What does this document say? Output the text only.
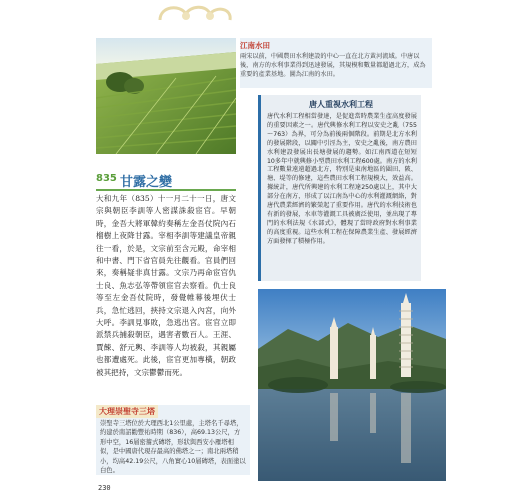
江南水田
兩宋以前，中國農田水利建設的中心一直在北方黃河流域。中唐以後，南方的水利事業得到迅速發展，其規模和數量都超過北方，成為重要的產業基地。圖為江南的水田。
唐人重視水利工程
唐代水利工程相當發達，是促進當時農業生產高度發展的重要因素之一。唐代興修水利工程以安史之亂（755～763）為界，可分為前後兩個階段。前期是北方水利的發展階段，以關中引涇為主，安史之亂後，南方農田水利建設發展出長塘發展的趨勢。如江南西道在短短10多年中就興修小型農田水利工程600處。南方的水利工程數量遠遠超過北方，特別是東南地區的圍田、陂、塘、堤等的修建，這些農田水利工程規模大，效益高。據統計，唐代所興建的水利工程達250處以上，其中大部分在南方，形成了以江南為中心的水利灌溉網絡，對唐代農業經濟的繁榮起了重要作用。唐代的水利技術也有新的發展，水車等灌溉工具被廣泛使用，並出現了專門的水利法規《水部式》，體現了當時政府對水利事業的高度重視。這些水利工程在保障農業生產、發展經濟方面發揮了積極作用。
835 甘露之變
大和九年（835）十一月二十一日，唐文宗與朝臣李訓等人密謀誅殺宦官。早朝時，金吾大將軍韓約奏稱左金吾仗院內石榴樹上夜降甘露。宰相李訓等建議皇帝親往一看，於是，文宗前至含元殿，命宰相和中書、門下省官員先往觀看。官員們回來，奏稱疑非真甘露。文宗乃再命宦官仇士良、魚志弘等帶領宦官去察看。仇士良等至左金吾仗院時，發覺帷幕後埋伏士兵，急忙逃回，挾持文宗退入內宮，向外大呼。李訓見事敗，急逃出宮。宦官立即派禁兵捕殺朝臣，遇害者數百人。王涯、賈餗、舒元輿、李訓等人均被殺，其親屬也都遭處死。此後，宦官更加專橫，朝政被其把持，文宗鬱鬱而死。
大理崇聖寺三塔
崇聖寺三塔位於大理西北1公里處，主塔名千尋塔，約建於南詔勸豐祐時期（836），高69.13公尺，方形中空，16層密簷式磚塔，形狀與西安小雁塔相似，是中國唐代現存最高的佛塔之一；南北兩塔稍小，均高42.19公尺，八角實心10層磚塔，表面塗以白色。
230
